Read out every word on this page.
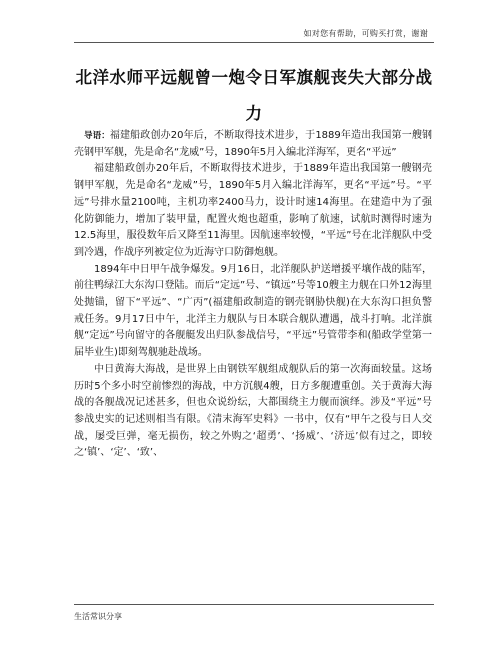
如对您有帮助，可购买打赏，谢谢
北洋水师平远舰曾一炮令日军旗舰丧失大部分战力

导语：福建船政创办20年后，不断取得技术进步，于1889年造出我国第一艘钢壳钢甲军舰，先是命名“龙威”号，1890年5月入编北洋海军，更名“平远”

福建船政创办20年后，不断取得技术进步，于1889年造出我国第一艘钢壳钢甲军舰，先是命名“龙威”号，1890年5月入编北洋海军，更名“平远”号。“平远”号排水量2100吨，主机功率2400马力，设计时速14海里。在建造中为了强化防御能力，增加了装甲量，配置火炮也超重，影响了航速，试航时测得时速为12.5海里，服役数年后又降至11海里。因航速率较慢，“平远”号在北洋舰队中受到冷遇，作战序列被定位为近海守口防御炮舰。

1894年中日甲午战争爆发。9月16日，北洋舰队护送增援平壤作战的陆军，前往鸭绿江大东沟口登陆。而后“定远”号、“镇远”号等10艘主力舰在口外12海里处抛锚，留下“平远”、“广丙”(福建船政制造的钢壳钢胁快舰)在大东沟口担负警戒任务。9月17日中午，北洋主力舰队与日本联合舰队遭遇，战斗打响。北洋旗舰“定远”号向留守的各舰艇发出归队参战信号，“平远”号管带李和(船政学堂第一届毕业生)即刻驾舰驰赴战场。

中日黄海大海战，是世界上由钢铁军舰组成舰队后的第一次海面较量。这场历时5个多小时空前惨烈的海战，中方沉舰4艘，日方多舰遭重创。关于黄海大海战的各舰战况记述甚多，但也众说纷纭，大都围绕主力舰而演绎。涉及“平远”号参战史实的记述则相当有限。《清末海军史料》一书中，仅有“甲午之役与日人交战，屡受巨弹，毫无损伤，较之外购之‘超勇’、‘扬威’、‘济远’似有过之，即较之‘镇’、‘定’、‘致’、

生活常识分享
